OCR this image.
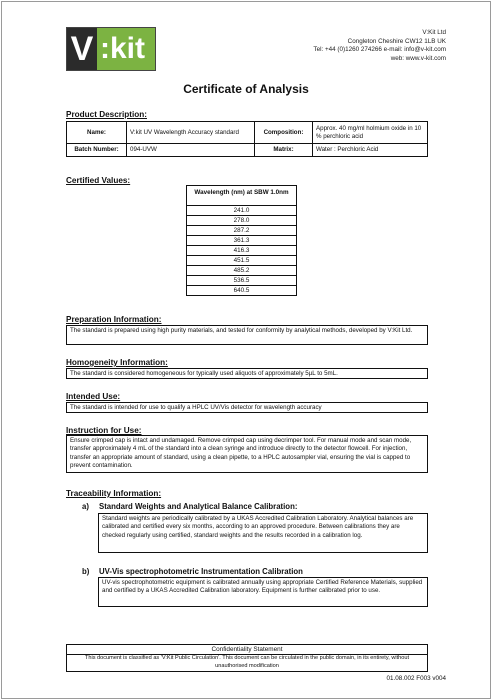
V :kit	V:Kit Ltd
Congleton Cheshire CW12 1LB UK
Tel: +44 (0)1260 274266 e-mail: info@v-kit.com
web: www.v-kit.com
Certificate of Analysis
Product Description:
Name:	V:kit UV Wavelength Accuracy standard	Composition:	Approx. 40 mg/ml holmium oxide in 10 % perchloric acid
Batch Number:	094-UVW	Matrix:	Water : Perchloric Acid
Certified Values:
Wavelength (nm) at SBW 1.0nm
241.0
278.0
287.2
361.3
416.3
451.5
485.2
536.5
640.5
Preparation Information:
The standard is prepared using high purity materials, and tested for conformity by analytical methods, developed by V:Kit Ltd.
Homogeneity Information:
The standard is considered homogeneous for typically used aliquots of approximately 5µL to 5mL.
Intended Use:
The standard is intended for use to qualify a HPLC UV/Vis detector for wavelength accuracy
Instruction for Use:
Ensure crimped cap is intact and undamaged. Remove crimped cap using decrimper tool. For manual mode and scan mode, transfer approximately 4 mL of the standard into a clean syringe and introduce directly to the detector flowcell. For injection, transfer an appropriate amount of standard, using a clean pipette, to a HPLC autosampler vial, ensuring the vial is capped to prevent contamination.
Traceability Information:
a) Standard Weights and Analytical Balance Calibration:
Standard weights are periodically calibrated by a UKAS Accredited Calibration Laboratory. Analytical balances are calibrated and certified every six months, according to an approved procedure. Between calibrations they are checked regularly using certified, standard weights and the results recorded in a calibration log.
b) UV-Vis spectrophotometric Instrumentation Calibration
UV-vis spectrophotometric equipment is calibrated annually using appropriate Certified Reference Materials, supplied and certified by a UKAS Accredited Calibration laboratory. Equipment is further calibrated prior to use.
Confidentiality Statement
This document is classified as 'V:Kit Public Circulation'. This document can be circulated in the public domain, in its entirety, without unauthorised modification
01.08.002 F003 v004
